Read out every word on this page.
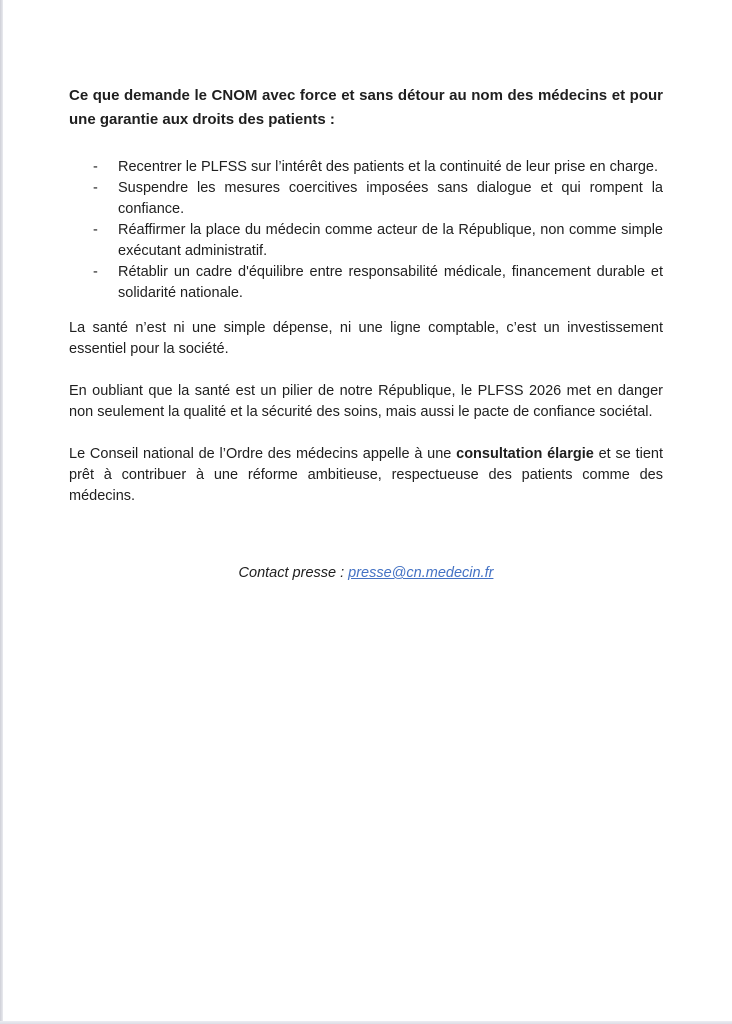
Ce que demande le CNOM avec force et sans détour au nom des médecins et pour une garantie aux droits des patients :

-	Recentrer le PLFSS sur l’intérêt des patients et la continuité de leur prise en charge.
-	Suspendre les mesures coercitives imposées sans dialogue et qui rompent la confiance.
-	Réaffirmer la place du médecin comme acteur de la République, non comme simple exécutant administratif.
-	Rétablir un cadre d'équilibre entre responsabilité médicale, financement durable et solidarité nationale.

La santé n’est ni une simple dépense, ni une ligne comptable, c’est un investissement essentiel pour la société.

En oubliant que la santé est un pilier de notre République, le PLFSS 2026 met en danger non seulement la qualité et la sécurité des soins, mais aussi le pacte de confiance sociétal.

Le Conseil national de l’Ordre des médecins appelle à une consultation élargie et se tient prêt à contribuer à une réforme ambitieuse, respectueuse des patients comme des médecins.

Contact presse : presse@cn.medecin.fr
